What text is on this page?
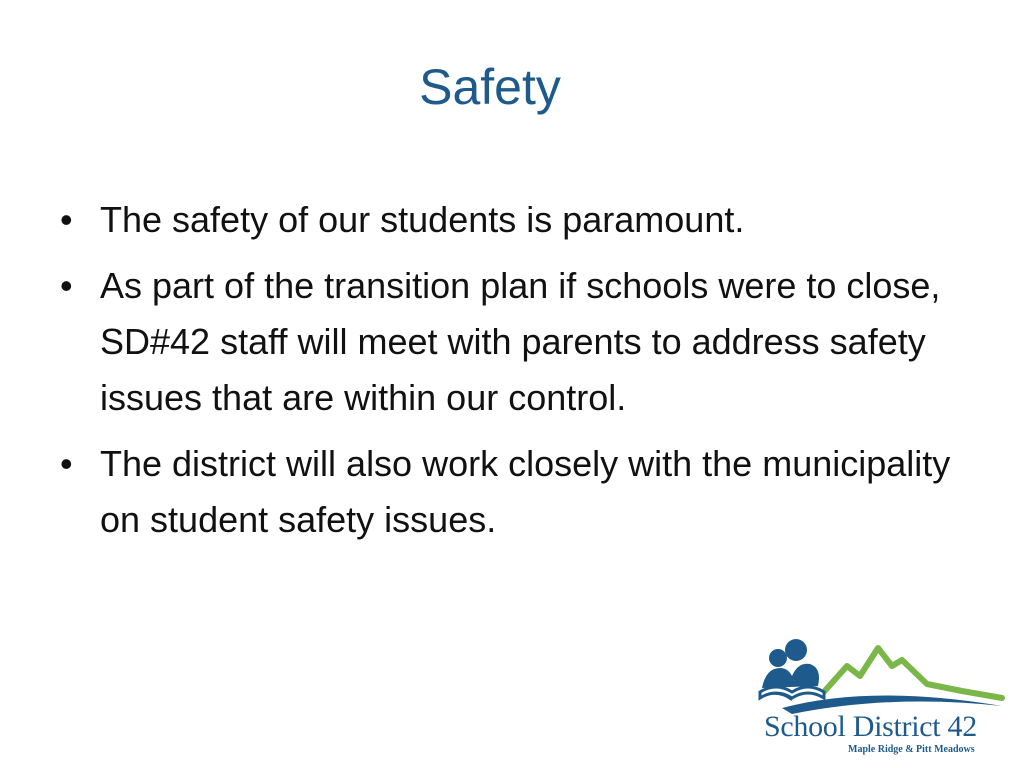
Safety
• The safety of our students is paramount.
• As part of the transition plan if schools were to close, SD#42 staff will meet with parents to address safety issues that are within our control.
• The district will also work closely with the municipality on student safety issues.
School District 42
Maple Ridge & Pitt Meadows
